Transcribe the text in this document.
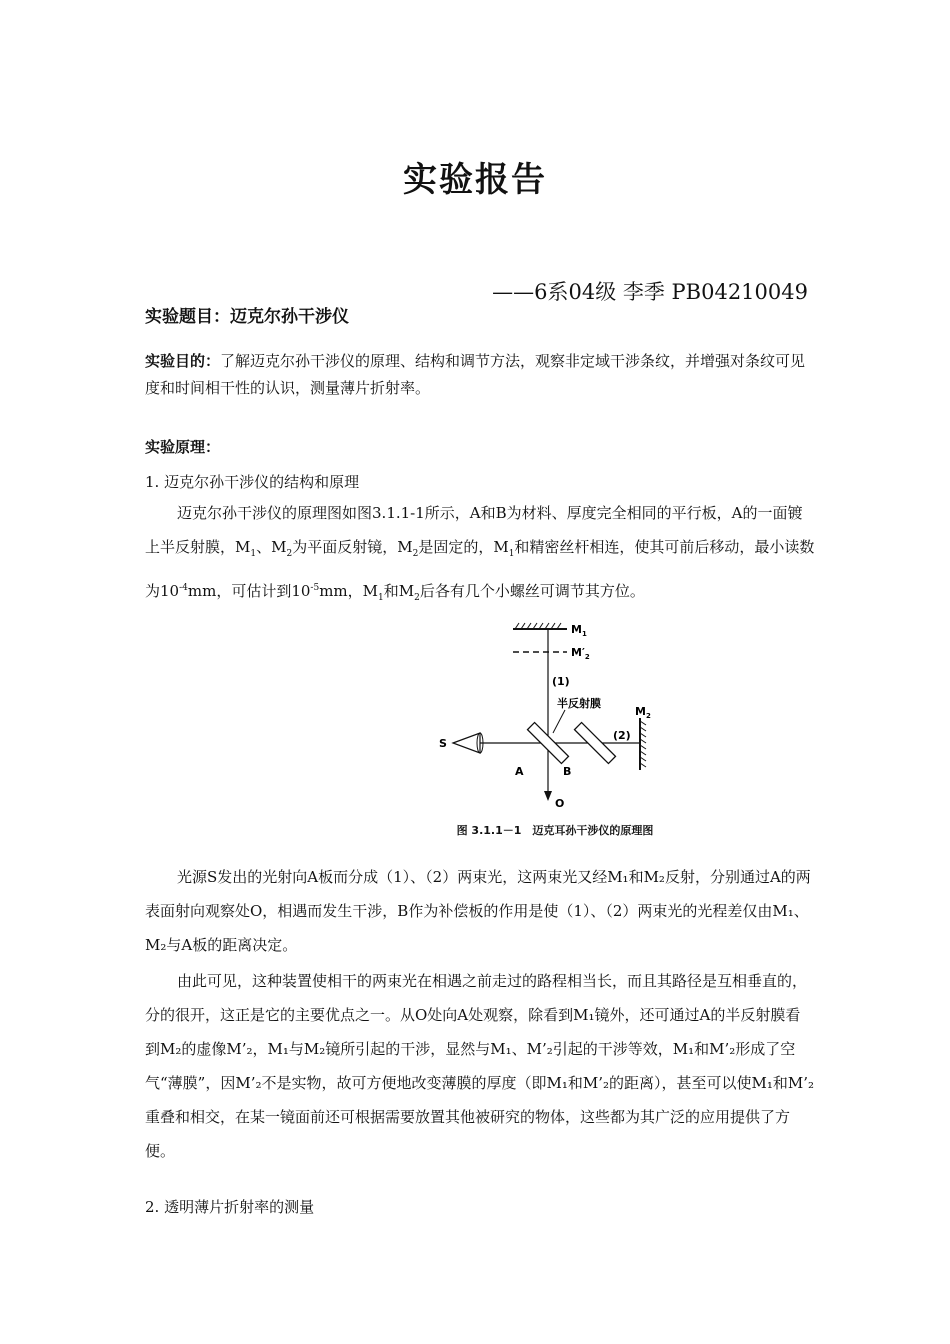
实验报告
——6系04级 李季 PB04210049
实验题目：迈克尔孙干涉仪
实验目的：了解迈克尔孙干涉仪的原理、结构和调节方法，观察非定域干涉条纹，并增强对条纹可见度和时间相干性的认识，测量薄片折射率。
实验原理：
1. 迈克尔孙干涉仪的结构和原理
迈克尔孙干涉仪的原理图如图3.1.1-1所示，A和B为材料、厚度完全相同的平行板，A的一面镀上半反射膜，$M_1$、$M_2$为平面反射镜，$M_2$是固定的，$M_1$和精密丝杆相连，使其可前后移动，最小读数为$10^{-4}mm$，可估计到$10^{-5}mm$，$M_1$和$M_2$后各有几个小螺丝可调节其方位。
$M_1$
$M'_2$
(1)
半反射膜
$M_2$
(2)
S
A	B
O
图 3.1.1－1　迈克耳孙干涉仪的原理图
光源S发出的光射向A板而分成（1）、（2）两束光，这两束光又经M₁和M₂反射，分别通过A的两表面射向观察处O，相遇而发生干涉，B作为补偿板的作用是使（1）、（2）两束光的光程差仅由M₁、M₂与A板的距离决定。
由此可见，这种装置使相干的两束光在相遇之前走过的路程相当长，而且其路径是互相垂直的，分的很开，这正是它的主要优点之一。从O处向A处观察，除看到M₁镜外，还可通过A的半反射膜看到M₂的虚像M’₂，M₁与M₂镜所引起的干涉，显然与M₁、M’₂引起的干涉等效，M₁和M’₂形成了空气“薄膜”，因M’₂不是实物，故可方便地改变薄膜的厚度（即M₁和M’₂的距离），甚至可以使M₁和M’₂重叠和相交，在某一镜面前还可根据需要放置其他被研究的物体，这些都为其广泛的应用提供了方便。
2. 透明薄片折射率的测量
